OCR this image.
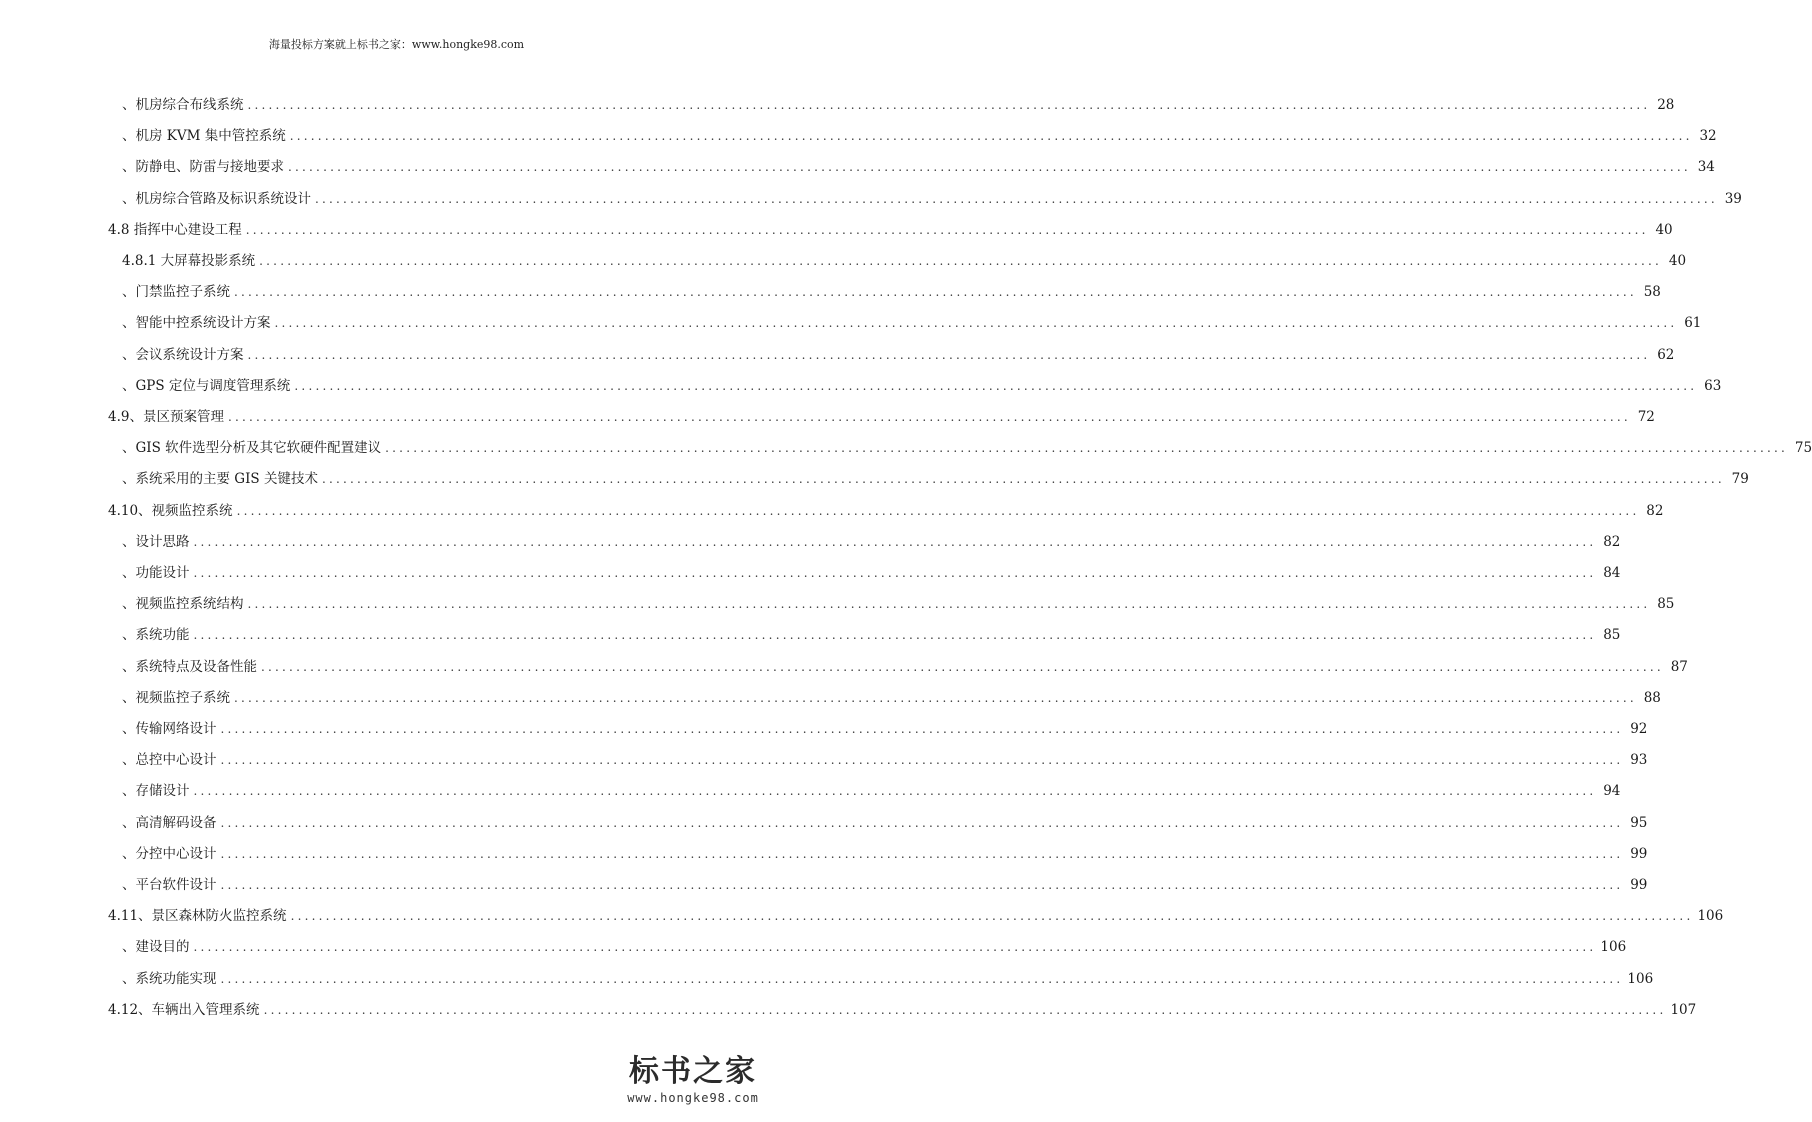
海量投标方案就上标书之家：www.hongke98.com
、机房综合布线系统 ........................................................................................................................................................................................................ 28
、机房 KVM 集中管控系统 ........................................................................................................................................................................................................ 32
、防静电、防雷与接地要求 ........................................................................................................................................................................................................ 34
、机房综合管路及标识系统设计 ........................................................................................................................................................................................................ 39
4.8 指挥中心建设工程 ........................................................................................................................................................................................................ 40
4.8.1 大屏幕投影系统 ........................................................................................................................................................................................................ 40
、门禁监控子系统 ........................................................................................................................................................................................................ 58
、智能中控系统设计方案 ........................................................................................................................................................................................................ 61
、会议系统设计方案 ........................................................................................................................................................................................................ 62
、GPS 定位与调度管理系统 ........................................................................................................................................................................................................ 63
4.9、景区预案管理 ........................................................................................................................................................................................................ 72
、GIS 软件选型分析及其它软硬件配置建议 ........................................................................................................................................................................................................ 75
、系统采用的主要 GIS 关键技术 ........................................................................................................................................................................................................ 79
4.10、视频监控系统 ........................................................................................................................................................................................................ 82
、设计思路 ........................................................................................................................................................................................................ 82
、功能设计 ........................................................................................................................................................................................................ 84
、视频监控系统结构 ........................................................................................................................................................................................................ 85
、系统功能 ........................................................................................................................................................................................................ 85
、系统特点及设备性能 ........................................................................................................................................................................................................ 87
、视频监控子系统 ........................................................................................................................................................................................................ 88
、传输网络设计 ........................................................................................................................................................................................................ 92
、总控中心设计 ........................................................................................................................................................................................................ 93
、存储设计 ........................................................................................................................................................................................................ 94
、高清解码设备 ........................................................................................................................................................................................................ 95
、分控中心设计 ........................................................................................................................................................................................................ 99
、平台软件设计 ........................................................................................................................................................................................................ 99
4.11、景区森林防火监控系统 ........................................................................................................................................................................................................ 106
、建设目的 ........................................................................................................................................................................................................ 106
、系统功能实现 ........................................................................................................................................................................................................ 106
4.12、车辆出入管理系统 ........................................................................................................................................................................................................ 107
标书之家
www.hongke98.com
